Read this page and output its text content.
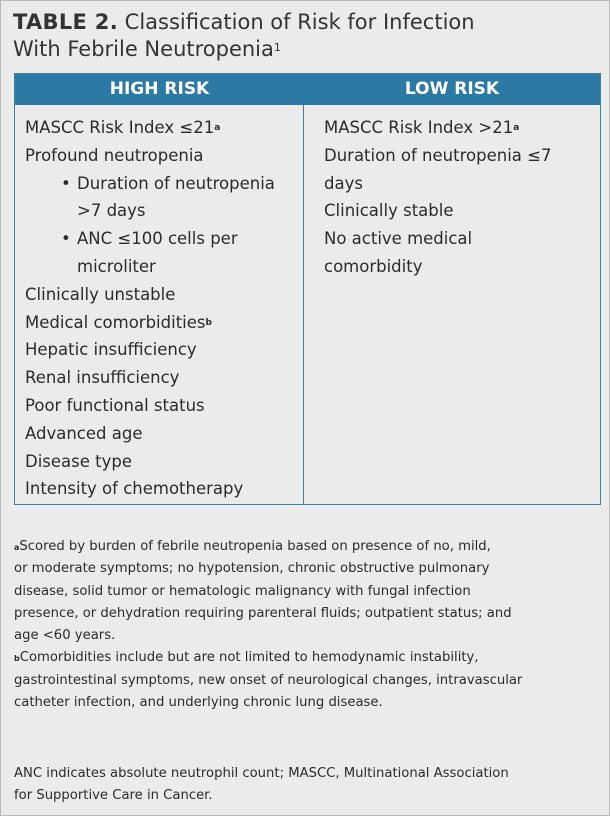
TABLE 2. Classification of Risk for Infection
With Febrile Neutropenia$^1$
HIGH RISK	LOW RISK
MASCC Risk Index ≤21$^a$
Profound neutropenia
• Duration of neutropenia
>7 days
• ANC ≤100 cells per
microliter
Clinically unstable
Medical comorbidities$^b$
Hepatic insufficiency
Renal insufficiency
Poor functional status
Advanced age
Disease type
Intensity of chemotherapy
MASCC Risk Index >21$^a$
Duration of neutropenia ≤7
days
Clinically stable
No active medical
comorbidity

$^a$Scored by burden of febrile neutropenia based on presence of no, mild,

or moderate symptoms; no hypotension, chronic obstructive pulmonary

disease, solid tumor or hematologic malignancy with fungal infection

presence, or dehydration requiring parenteral fluids; outpatient status; and

age <60 years.

$^b$Comorbidities include but are not limited to hemodynamic instability,

gastrointestinal symptoms, new onset of neurological changes, intravascular

catheter infection, and underlying chronic lung disease.

ANC indicates absolute neutrophil count; MASCC, Multinational Association
for Supportive Care in Cancer.
